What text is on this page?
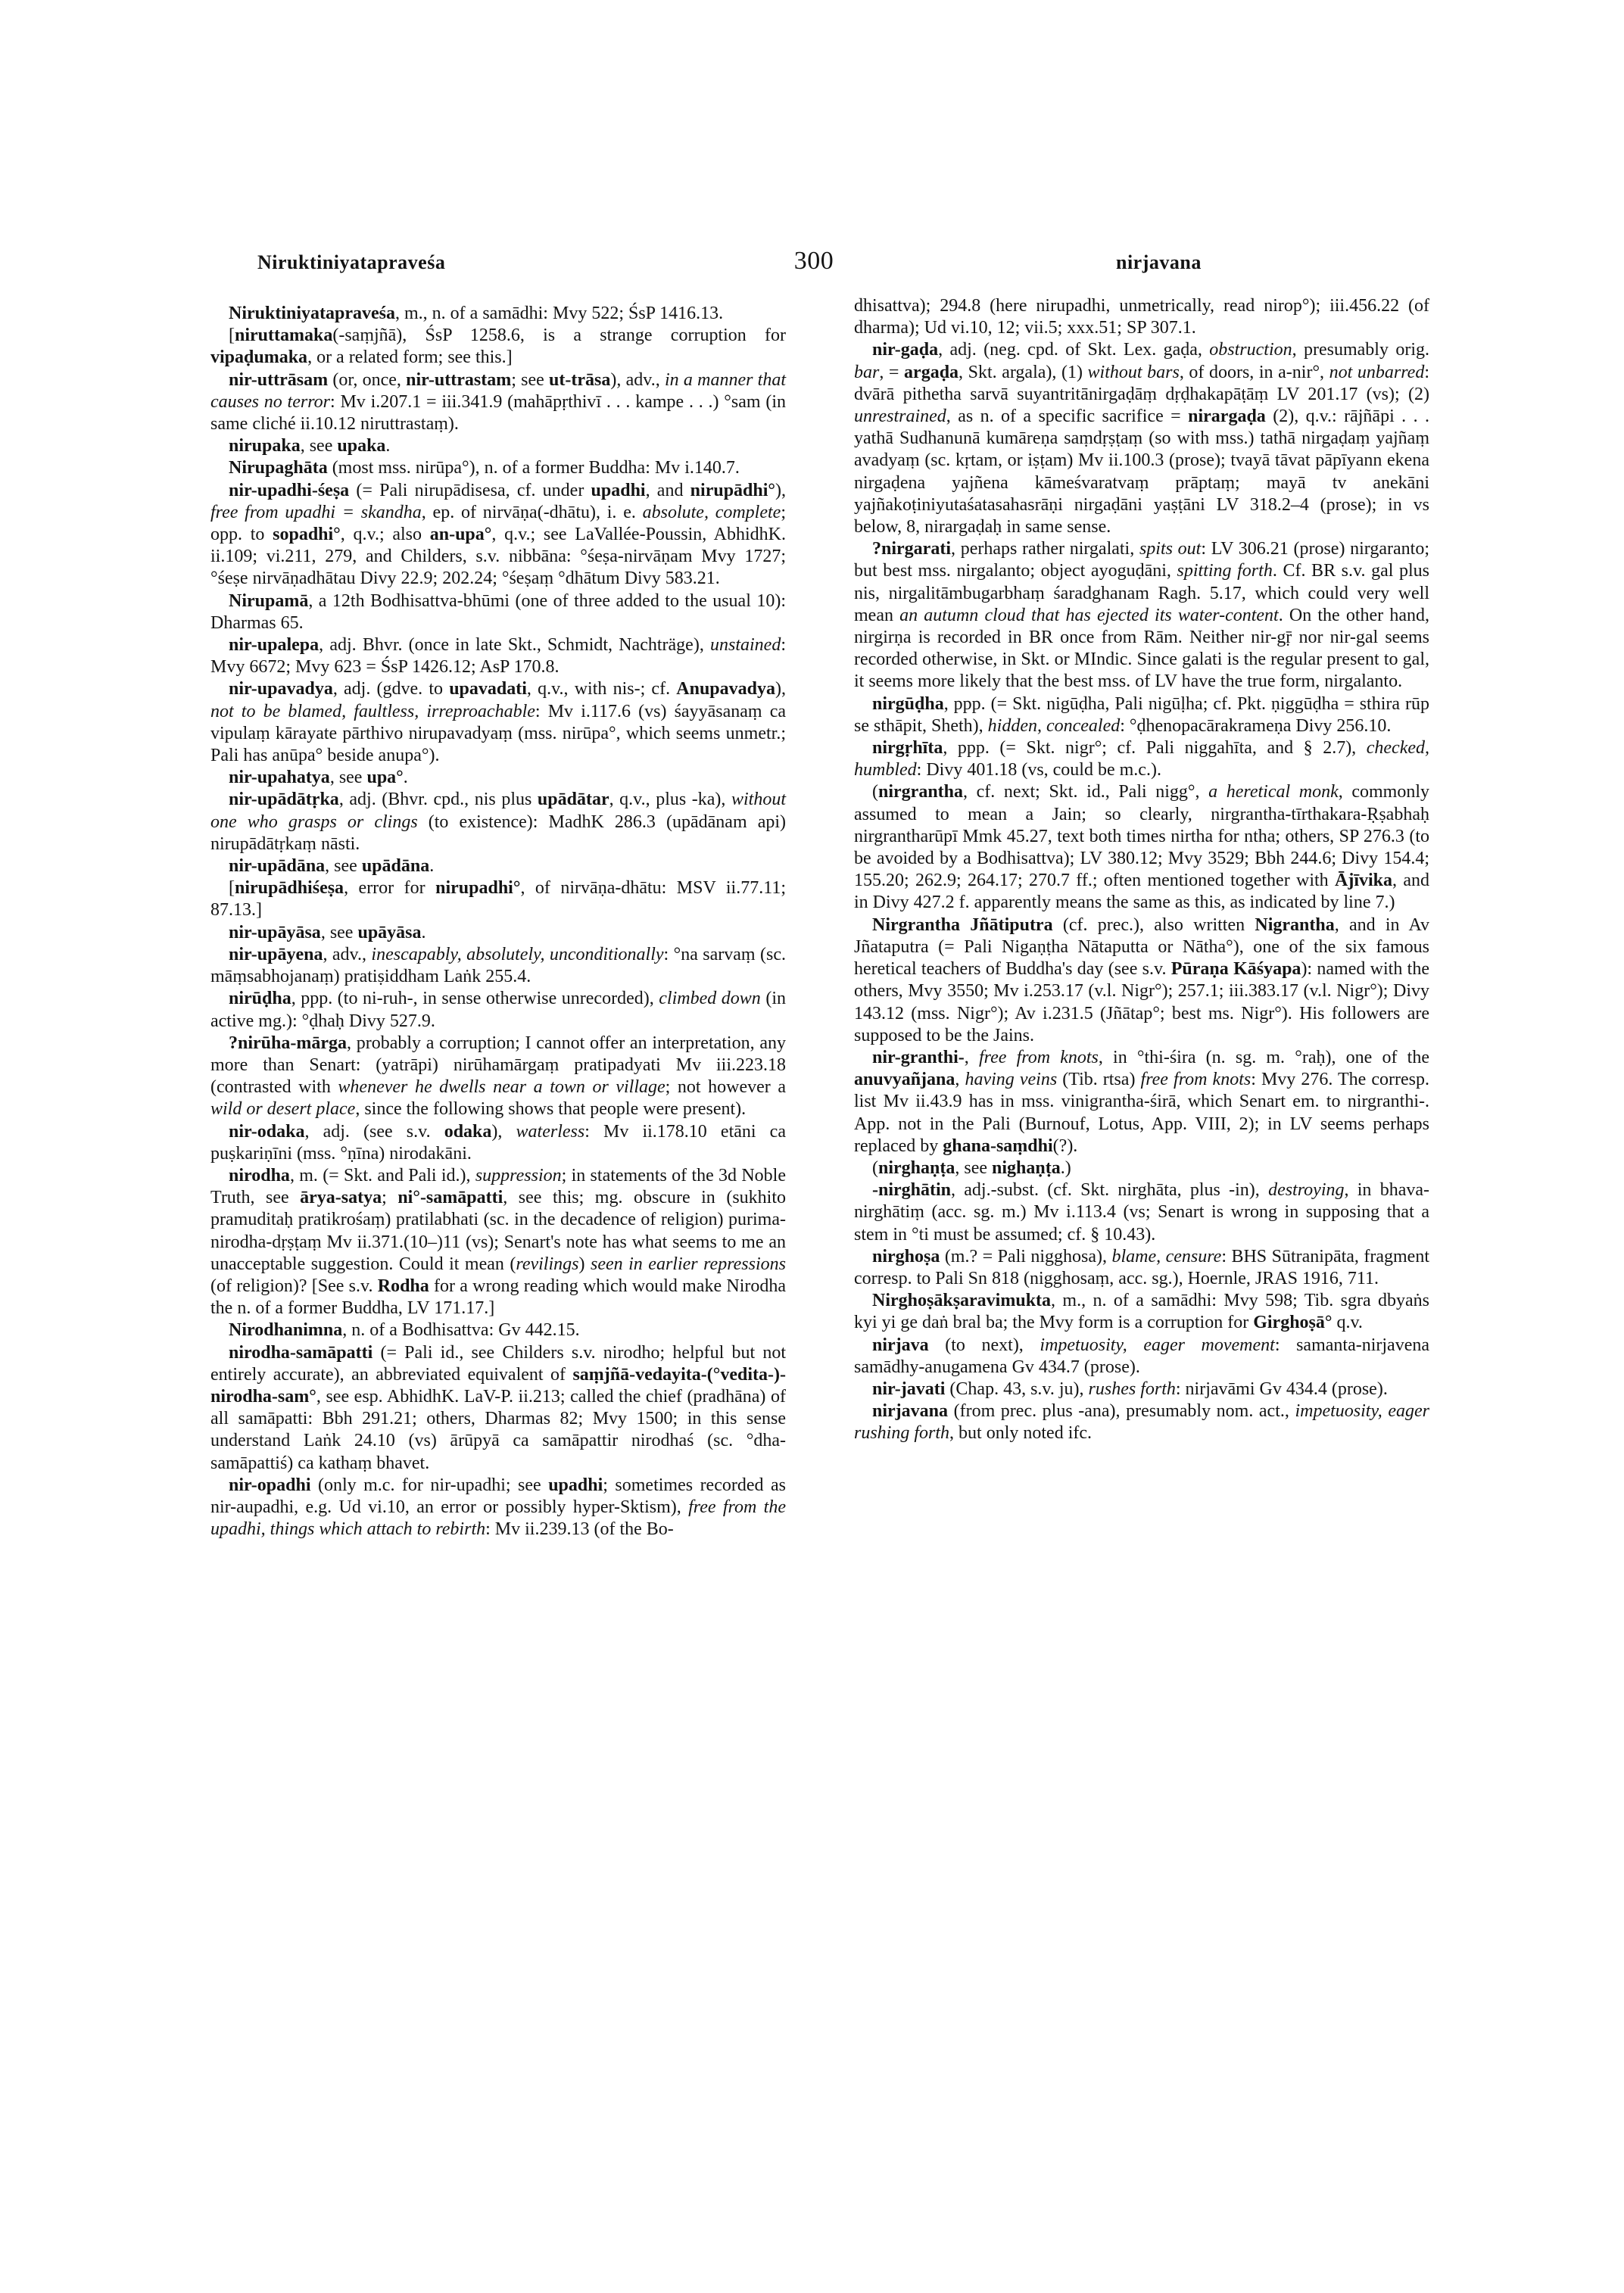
Niruktiniyatapraveśa	300	nirjavana

Niruktiniyatapraveśa, m., n. of a samādhi: Mvy 522; ŚsP 1416.13.

[niruttamaka(-saṃjñā), ŚsP 1258.6, is a strange corruption for vipaḍumaka, or a related form; see this.]

nir-uttrāsam (or, once, nir-uttrastam; see ut-trāsa), adv., in a manner that causes no terror: Mv i.207.1 = iii.341.9 (mahāpṛthivī . . . kampe . . .) °sam (in same cliché ii.10.12 niruttrastaṃ).

nirupaka, see upaka.

Nirupaghāta (most mss. nirūpa°), n. of a former Buddha: Mv i.140.7.

nir-upadhi-śeṣa (= Pali nirupādisesa, cf. under upadhi, and nirupādhi°), free from upadhi = skandha, ep. of nirvāṇa(-dhātu), i. e. absolute, complete; opp. to sopadhi°, q.v.; also an-upa°, q.v.; see LaVallée-Poussin, AbhidhK. ii.109; vi.211, 279, and Childers, s.v. nibbāna: °śeṣa-nirvāṇam Mvy 1727; °śeṣe nirvāṇadhātau Divy 22.9; 202.24; °śeṣaṃ °dhātum Divy 583.21.

Nirupamā, a 12th Bodhisattva-bhūmi (one of three added to the usual 10): Dharmas 65.

nir-upalepa, adj. Bhvr. (once in late Skt., Schmidt, Nachträge), unstained: Mvy 6672; Mvy 623 = ŚsP 1426.12; AsP 170.8.

nir-upavadya, adj. (gdve. to upavadati, q.v., with nis-; cf. Anupavadya), not to be blamed, faultless, irreproachable: Mv i.117.6 (vs) śayyāsanaṃ ca vipulaṃ kārayate pārthivo nirupavadyaṃ (mss. nirūpa°, which seems unmetr.; Pali has anūpa° beside anupa°).

nir-upahatya, see upa°.

nir-upādātṛka, adj. (Bhvr. cpd., nis plus upādātar, q.v., plus -ka), without one who grasps or clings (to existence): MadhK 286.3 (upādānam api) nirupādātṛkaṃ nāsti.

nir-upādāna, see upādāna.

[nirupādhiśeṣa, error for nirupadhi°, of nirvāṇa-dhātu: MSV ii.77.11; 87.13.]

nir-upāyāsa, see upāyāsa.

nir-upāyena, adv., inescapably, absolutely, unconditionally: °na sarvaṃ (sc. māṃsabhojanaṃ) pratiṣiddham Laṅk 255.4.

nirūḍha, ppp. (to ni-ruh-, in sense otherwise unrecorded), climbed down (in active mg.): °ḍhaḥ Divy 527.9.

?nirūha-mārga, probably a corruption; I cannot offer an interpretation, any more than Senart: (yatrāpi) nirūhamārgaṃ pratipadyati Mv iii.223.18 (contrasted with whenever he dwells near a town or village; not however a wild or desert place, since the following shows that people were present).

nir-odaka, adj. (see s.v. odaka), waterless: Mv ii.178.10 etāni ca puṣkariṇīni (mss. °ṇīna) nirodakāni.

nirodha, m. (= Skt. and Pali id.), suppression; in statements of the 3d Noble Truth, see ārya-satya; ni°-samāpatti, see this; mg. obscure in (sukhito pramuditaḥ pratikrośaṃ) pratilabhati (sc. in the decadence of religion) purima-nirodha-dṛṣṭaṃ Mv ii.371.(10–)11 (vs); Senart's note has what seems to me an unacceptable suggestion. Could it mean (revilings) seen in earlier repressions (of religion)? [See s.v. Rodha for a wrong reading which would make Nirodha the n. of a former Buddha, LV 171.17.]

Nirodhanimna, n. of a Bodhisattva: Gv 442.15.

nirodha-samāpatti (= Pali id., see Childers s.v. nirodho; helpful but not entirely accurate), an abbreviated equivalent of saṃjñā-vedayita-(°vedita-)-nirodha-sam°, see esp. AbhidhK. LaV-P. ii.213; called the chief (pradhāna) of all samāpatti: Bbh 291.21; others, Dharmas 82; Mvy 1500; in this sense understand Laṅk 24.10 (vs) ārūpyā ca samāpattir nirodhaś (sc. °dha-samāpattiś) ca kathaṃ bhavet.

nir-opadhi (only m.c. for nir-upadhi; see upadhi; sometimes recorded as nir-aupadhi, e.g. Ud vi.10, an error or possibly hyper-Sktism), free from the upadhi, things which attach to rebirth: Mv ii.239.13 (of the Bo-

dhisattva); 294.8 (here nirupadhi, unmetrically, read nirop°); iii.456.22 (of dharma); Ud vi.10, 12; vii.5; xxx.51; SP 307.1.

nir-gaḍa, adj. (neg. cpd. of Skt. Lex. gaḍa, obstruction, presumably orig. bar, = argaḍa, Skt. argala), (1) without bars, of doors, in a-nir°, not unbarred: dvārā pithetha sarvā suyantritānirgaḍāṃ dṛḍhakapāṭāṃ LV 201.17 (vs); (2) unrestrained, as n. of a specific sacrifice = nirargaḍa (2), q.v.: rājñāpi . . . yathā Sudhanunā kumāreṇa saṃdṛṣṭaṃ (so with mss.) tathā nirgaḍaṃ yajñaṃ avadyaṃ (sc. kṛtam, or iṣṭam) Mv ii.100.3 (prose); tvayā tāvat pāpīyann ekena nirgaḍena yajñena kāmeśvaratvaṃ prāptaṃ; mayā tv anekāni yajñakoṭiniyutaśatasahasrāṇi nirgaḍāni yaṣṭāni LV 318.2–4 (prose); in vs below, 8, nirargaḍaḥ in same sense.

?nirgarati, perhaps rather nirgalati, spits out: LV 306.21 (prose) nirgaranto; but best mss. nirgalanto; object ayoguḍāni, spitting forth. Cf. BR s.v. gal plus nis, nirgalitāmbugarbhaṃ śaradghanam Ragh. 5.17, which could very well mean an autumn cloud that has ejected its water-content. On the other hand, nirgirṇa is recorded in BR once from Rām. Neither nir-gṝ nor nir-gal seems recorded otherwise, in Skt. or MIndic. Since galati is the regular present to gal, it seems more likely that the best mss. of LV have the true form, nirgalanto.

nirgūḍha, ppp. (= Skt. nigūḍha, Pali nigūḷha; cf. Pkt. ṇiggūḍha = sthira rūp se sthāpit, Sheth), hidden, concealed: °ḍhenopacārakrameṇa Divy 256.10.

nirgṛhīta, ppp. (= Skt. nigr°; cf. Pali niggahīta, and § 2.7), checked, humbled: Divy 401.18 (vs, could be m.c.).

(nirgrantha, cf. next; Skt. id., Pali nigg°, a heretical monk, commonly assumed to mean a Jain; so clearly, nirgrantha-tīrthakara-Ṛṣabhaḥ nirgrantharūpī Mmk 45.27, text both times nirtha for ntha; others, SP 276.3 (to be avoided by a Bodhisattva); LV 380.12; Mvy 3529; Bbh 244.6; Divy 154.4; 155.20; 262.9; 264.17; 270.7 ff.; often mentioned together with Ājīvika, and in Divy 427.2 f. apparently means the same as this, as indicated by line 7.)

Nirgrantha Jñātiputra (cf. prec.), also written Nigrantha, and in Av Jñataputra (= Pali Nigaṇṭha Nātaputta or Nātha°), one of the six famous heretical teachers of Buddha's day (see s.v. Pūraṇa Kāśyapa): named with the others, Mvy 3550; Mv i.253.17 (v.l. Nigr°); 257.1; iii.383.17 (v.l. Nigr°); Divy 143.12 (mss. Nigr°); Av i.231.5 (Jñātap°; best ms. Nigr°). His followers are supposed to be the Jains.

nir-granthi-, free from knots, in °thi-śira (n. sg. m. °raḥ), one of the anuvyañjana, having veins (Tib. rtsa) free from knots: Mvy 276. The corresp. list Mv ii.43.9 has in mss. vinigrantha-śirā, which Senart em. to nirgranthi-. App. not in the Pali (Burnouf, Lotus, App. VIII, 2); in LV seems perhaps replaced by ghana-saṃdhi(?).

(nirghaṇṭa, see nighaṇṭa.)

-nirghātin, adj.-subst. (cf. Skt. nirghāta, plus -in), destroying, in bhava-nirghātiṃ (acc. sg. m.) Mv i.113.4 (vs; Senart is wrong in supposing that a stem in °ti must be assumed; cf. § 10.43).

nirghoṣa (m.? = Pali nigghosa), blame, censure: BHS Sūtranipāta, fragment corresp. to Pali Sn 818 (nigghosaṃ, acc. sg.), Hoernle, JRAS 1916, 711.

Nirghoṣākṣaravimukta, m., n. of a samādhi: Mvy 598; Tib. sgra dbyaṅs kyi yi ge daṅ bral ba; the Mvy form is a corruption for Girghoṣā° q.v.

nirjava (to next), impetuosity, eager movement: samanta-nirjavena samādhy-anugamena Gv 434.7 (prose).

nir-javati (Chap. 43, s.v. ju), rushes forth: nirjavāmi Gv 434.4 (prose).

nirjavana (from prec. plus -ana), presumably nom. act., impetuosity, eager rushing forth, but only noted ifc.
